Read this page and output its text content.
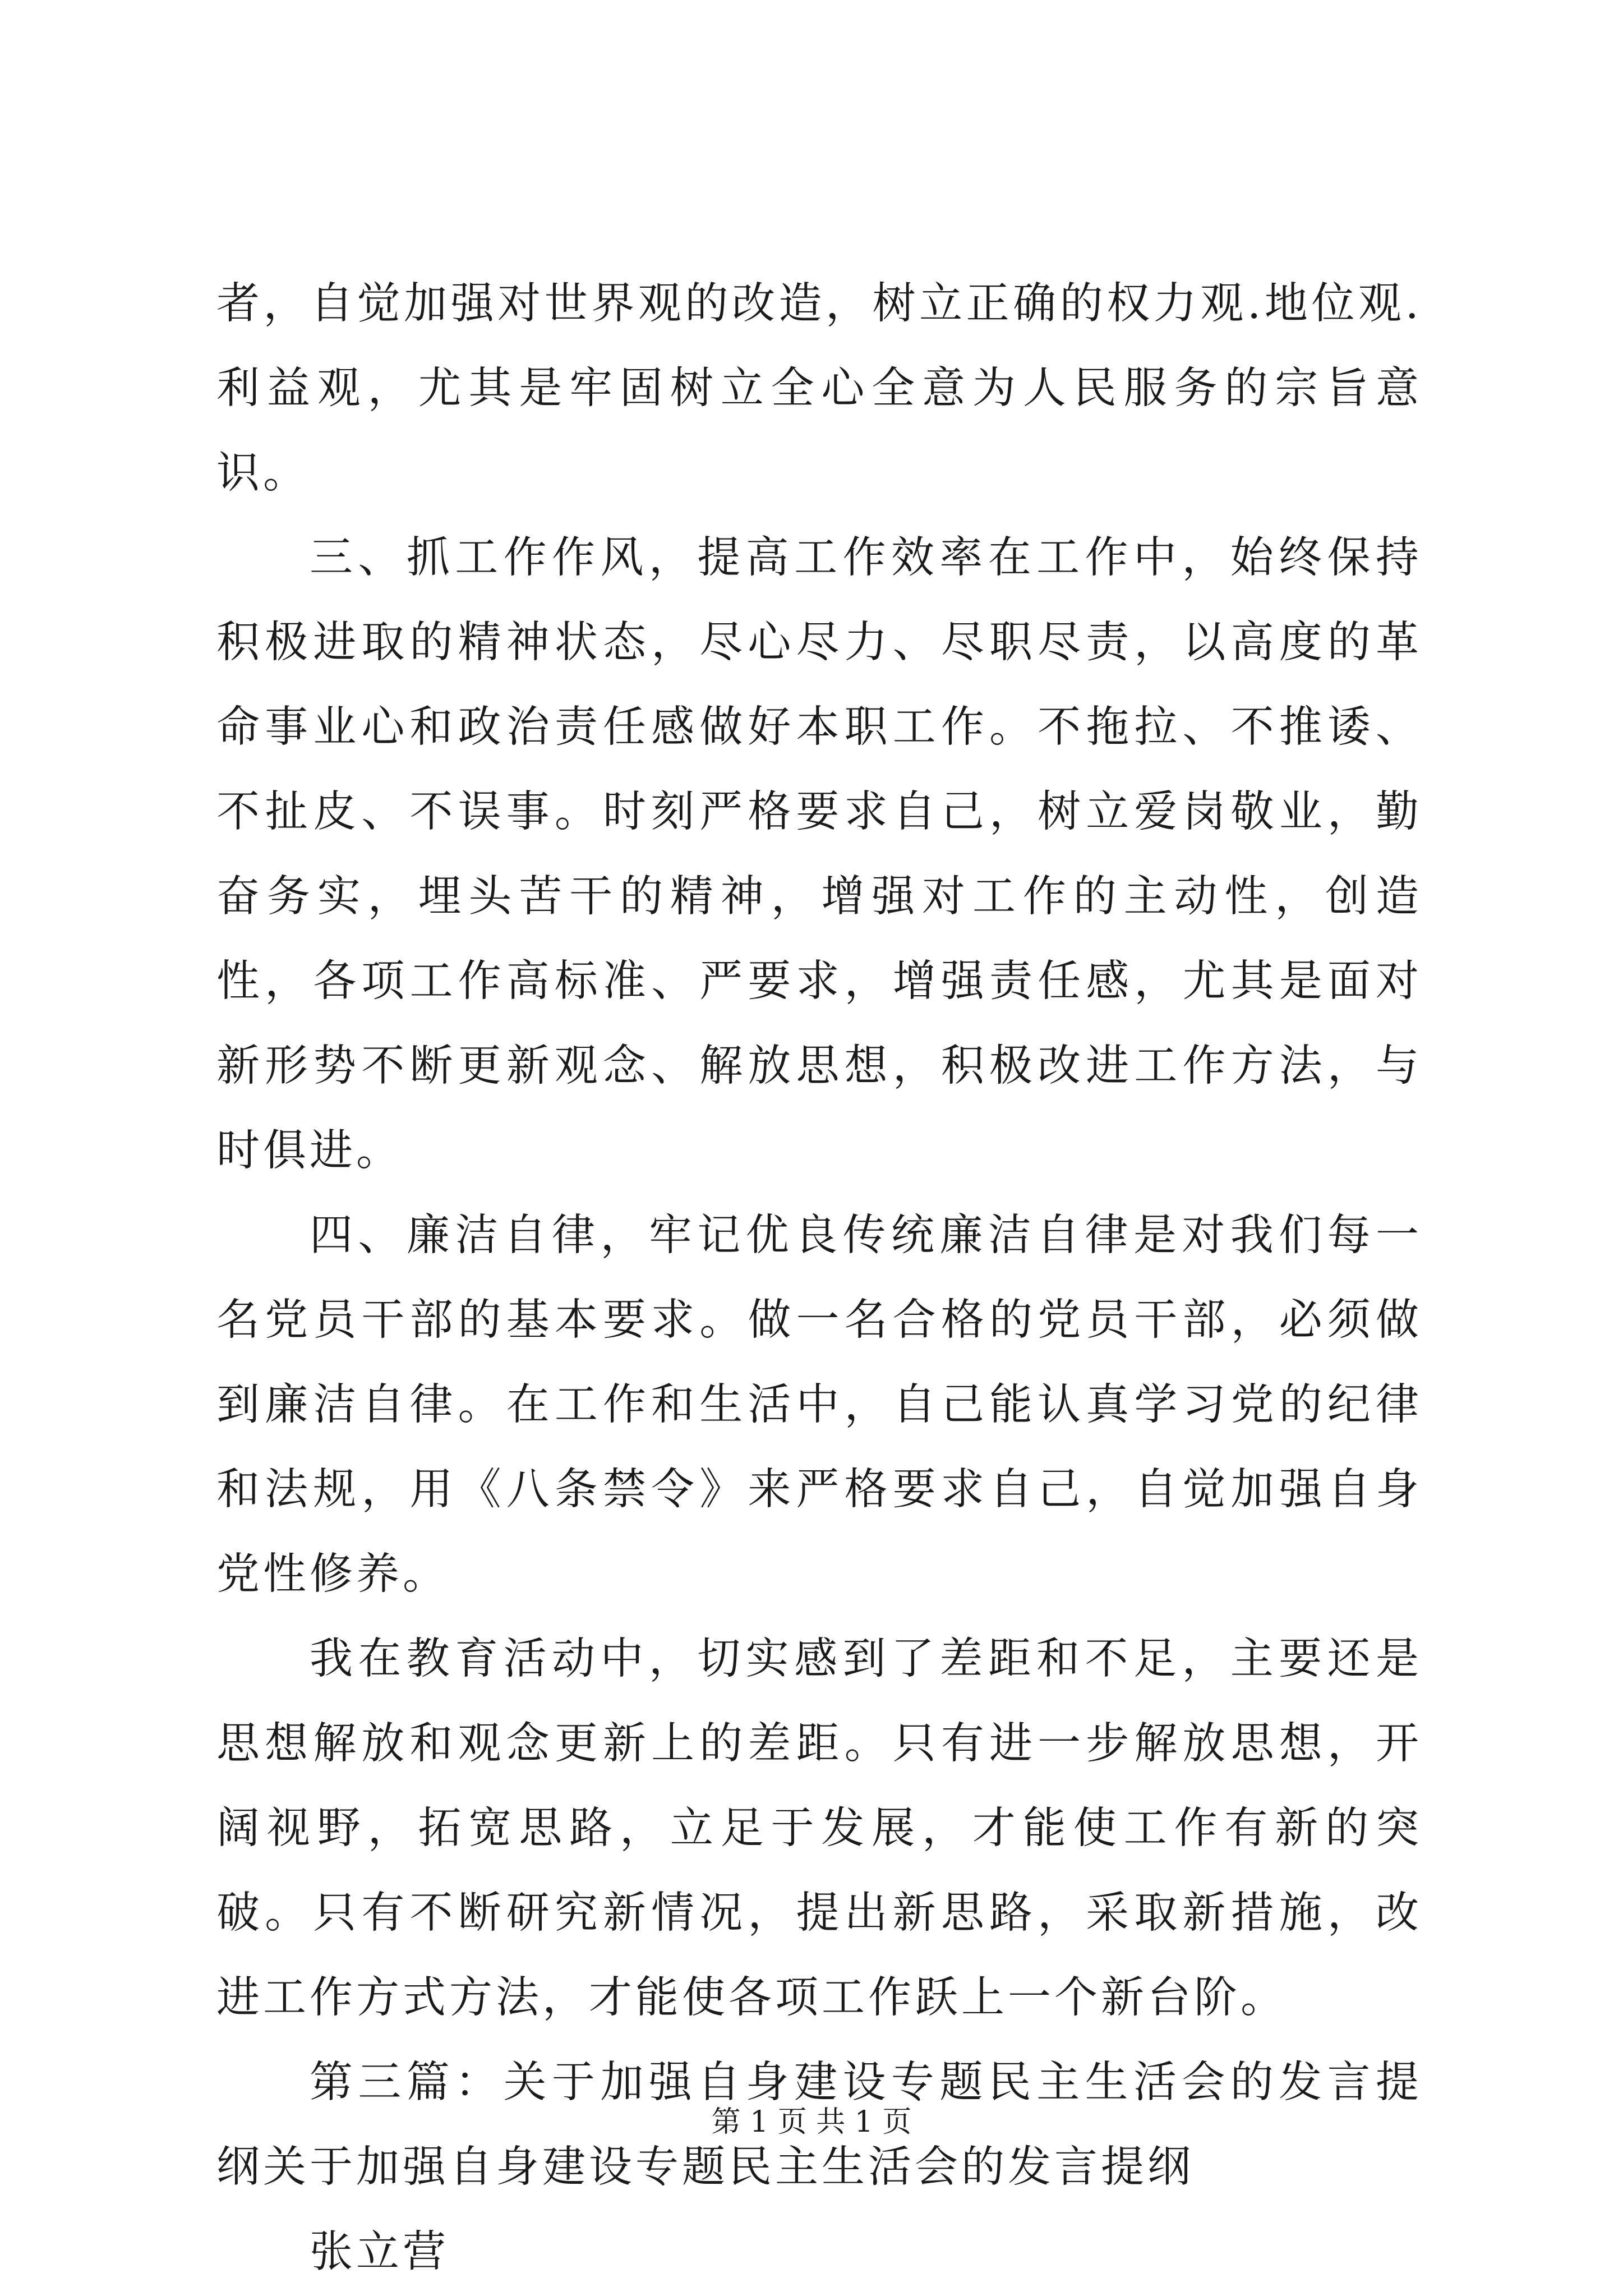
者，自觉加强对世界观的改造，树立正确的权力观.地位观.利益观，尤其是牢固树立全心全意为人民服务的宗旨意识。

三、抓工作作风，提高工作效率在工作中，始终保持积极进取的精神状态，尽心尽力、尽职尽责，以高度的革命事业心和政治责任感做好本职工作。不拖拉、不推诿、不扯皮、不误事。时刻严格要求自己，树立爱岗敬业，勤奋务实，埋头苦干的精神，增强对工作的主动性，创造性，各项工作高标准、严要求，增强责任感，尤其是面对新形势不断更新观念、解放思想，积极改进工作方法，与时俱进。

四、廉洁自律，牢记优良传统廉洁自律是对我们每一名党员干部的基本要求。做一名合格的党员干部，必须做到廉洁自律。在工作和生活中，自己能认真学习党的纪律和法规，用《八条禁令》来严格要求自己，自觉加强自身党性修养。

我在教育活动中，切实感到了差距和不足，主要还是思想解放和观念更新上的差距。只有进一步解放思想，开阔视野，拓宽思路，立足于发展，才能使工作有新的突破。只有不断研究新情况，提出新思路，采取新措施，改进工作方式方法，才能使各项工作跃上一个新台阶。

第三篇：关于加强自身建设专题民主生活会的发言提纲关于加强自身建设专题民主生活会的发言提纲

张立营

第 1 页 共 1 页
